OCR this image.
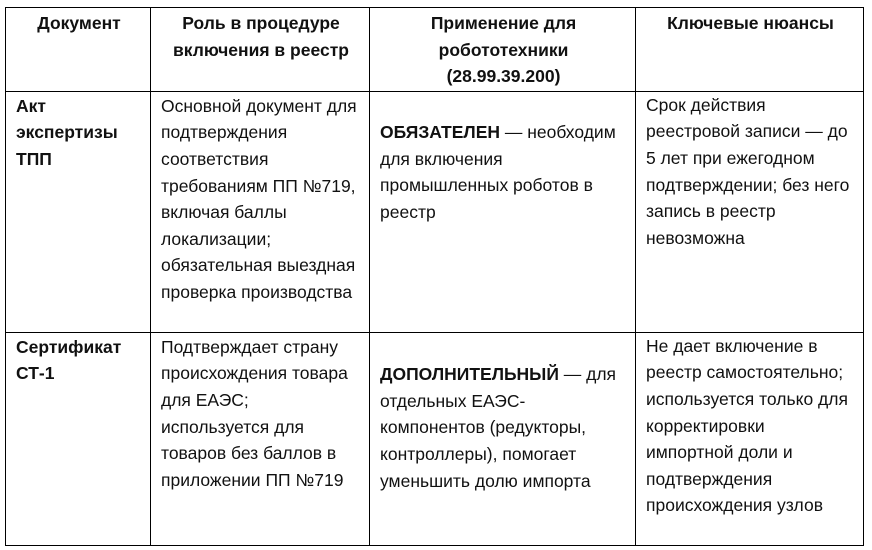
Документ	Роль в процедуре включения в реестр	Применение для робототехники (28.99.39.200)	Ключевые нюансы
Акт экспертизы ТПП	Основной документ для подтверждения соответствия требованиям ПП №719, включая баллы локализации; обязательная выездная проверка производства	ОБЯЗАТЕЛЕН — необходим для включения промышленных роботов в реестр	Срок действия реестровой записи — до 5 лет при ежегодном подтверждении; без него запись в реестр невозможна
Сертификат СТ-1	Подтверждает страну происхождения товара для ЕАЭС; используется для товаров без баллов в приложении ПП №719	ДОПОЛНИТЕЛЬНЫЙ — для отдельных ЕАЭС-компонентов (редукторы, контроллеры), помогает уменьшить долю импорта	Не дает включение в реестр самостоятельно; используется только для корректировки импортной доли и подтверждения происхождения узлов
